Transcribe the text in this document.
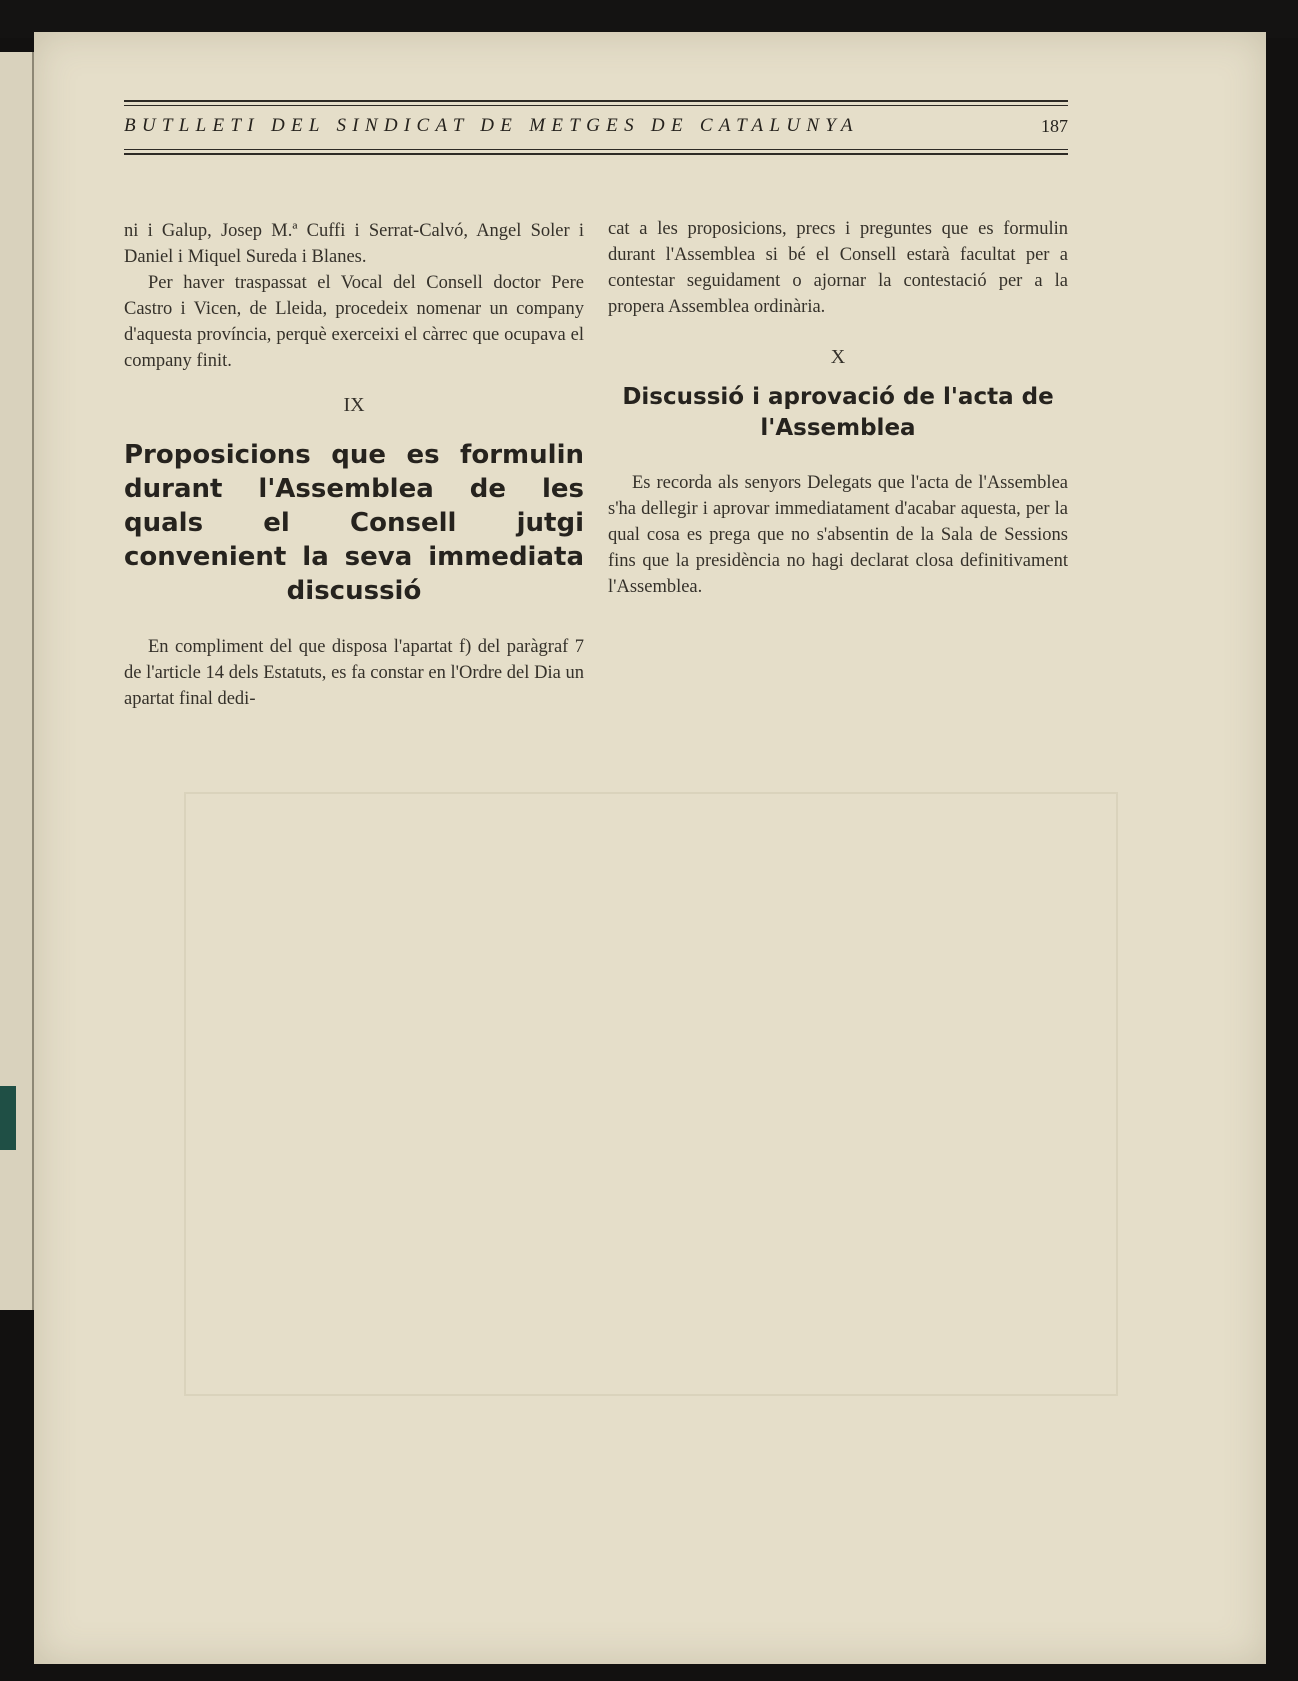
BUTLLETI DEL SINDICAT DE METGES DE CATALUNYA	187

ni i Galup, Josep M.ª Cuffi i Serrat-Calvó, Angel Soler i Daniel i Miquel Sureda i Blanes.

Per haver traspassat el Vocal del Consell doctor Pere Castro i Vicen, de Lleida, procedeix nomenar un company d'aquesta província, perquè exerceixi el càrrec que ocupava el company finit.

IX

Proposicions que es formulin durant l'Assemblea de les quals el Consell jutgi convenient la seva immediata discussió

En compliment del que disposa l'apartat f) del paràgraf 7 de l'article 14 dels Estatuts, es fa constar en l'Ordre del Dia un apartat final dedi-

cat a les proposicions, precs i preguntes que es formulin durant l'Assemblea si bé el Consell estarà facultat per a contestar seguidament o ajornar la contestació per a la propera Assemblea ordinària.

X

Discussió i aprovació de l'acta de l'Assemblea

Es recorda als senyors Delegats que l'acta de l'Assemblea s'ha dellegir i aprovar immediatament d'acabar aquesta, per la qual cosa es prega que no s'absentin de la Sala de Sessions fins que la presidència no hagi declarat closa definitivament l'Assemblea.
